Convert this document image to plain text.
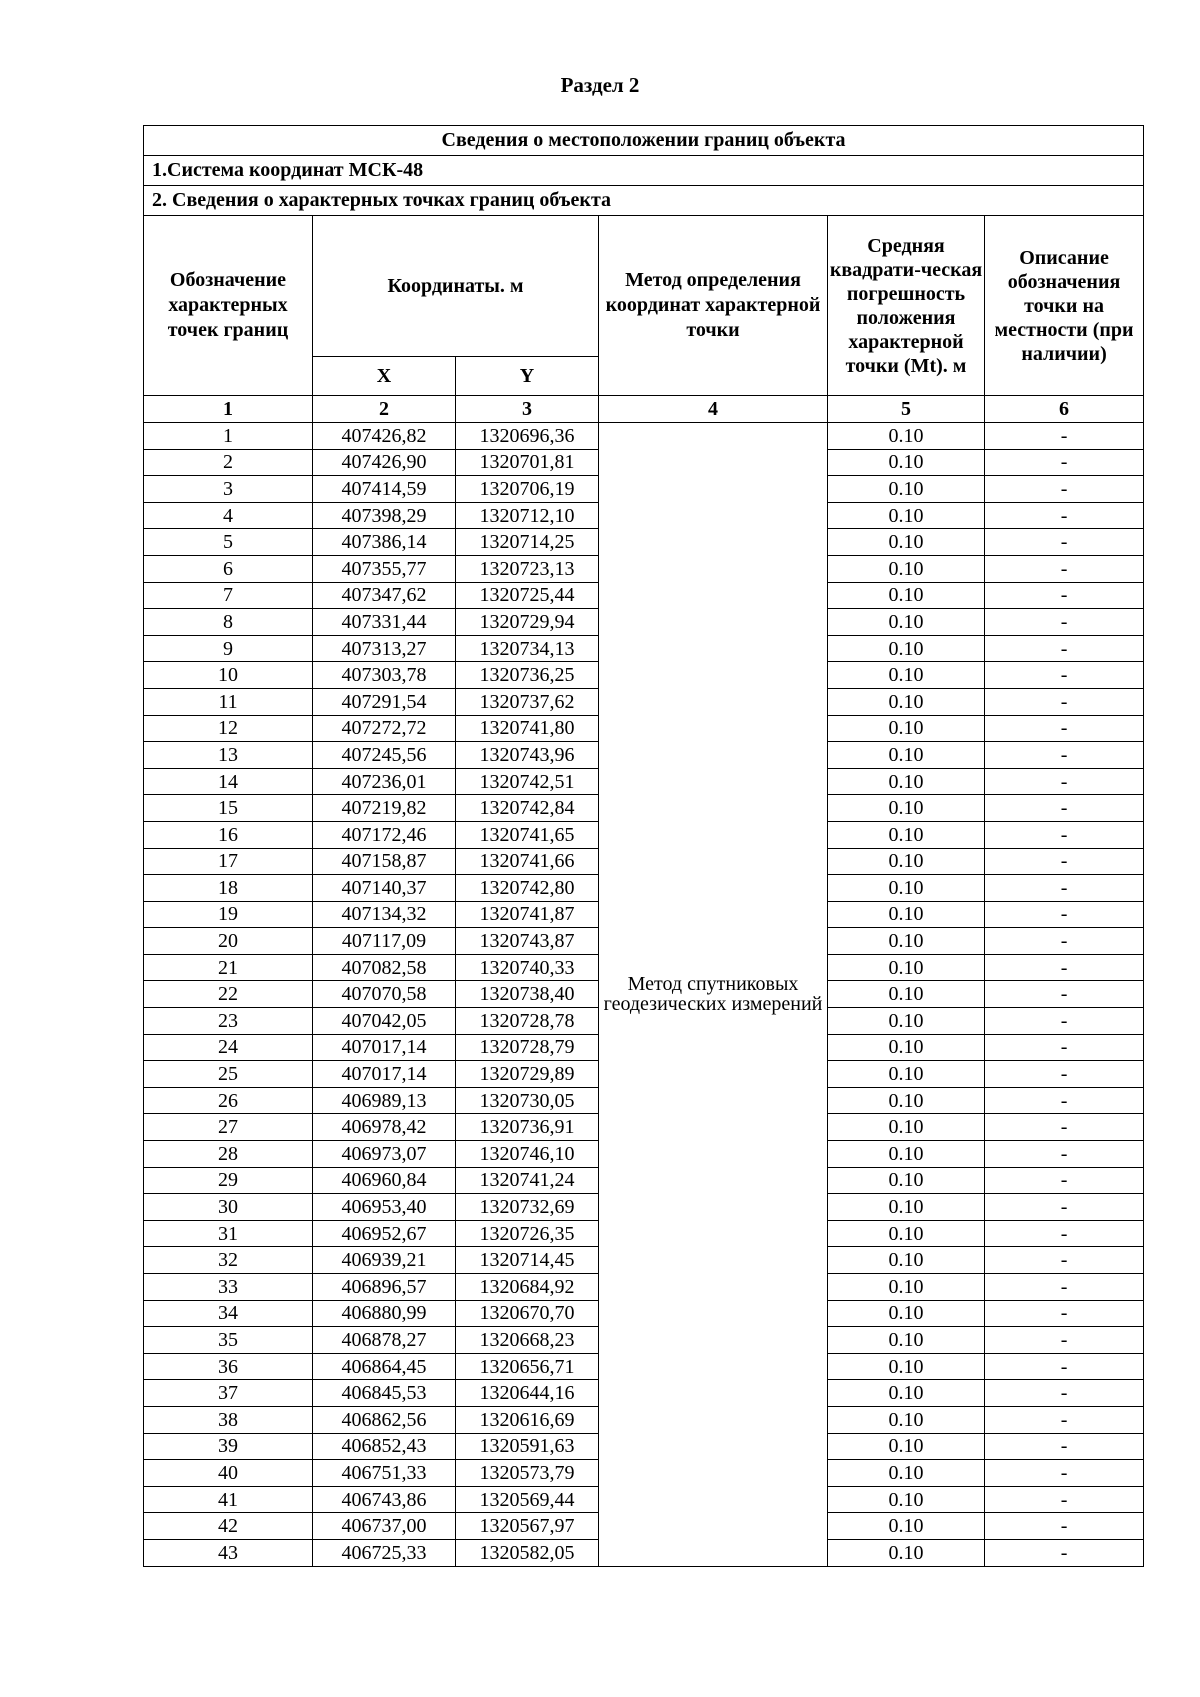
Раздел 2
Сведения о местоположении границ объекта					
1.Система координат МСК-48					
2. Сведения о характерных точках границ объекта					
Обозначение характерных точек границ	Координаты. м		Метод определения координат характерной точки	Средняя квадрати-ческая погрешность положения характерной точки (Mt). м	Описание обозначения точки на местности (при наличии)
	X	Y			
1	2	3	4	5	6
1	407426,82	1320696,36	Метод спутниковых геодезических измерений	0.10	-
2	407426,90	1320701,81		0.10	-
3	407414,59	1320706,19		0.10	-
4	407398,29	1320712,10		0.10	-
5	407386,14	1320714,25		0.10	-
6	407355,77	1320723,13		0.10	-
7	407347,62	1320725,44		0.10	-
8	407331,44	1320729,94		0.10	-
9	407313,27	1320734,13		0.10	-
10	407303,78	1320736,25		0.10	-
11	407291,54	1320737,62		0.10	-
12	407272,72	1320741,80		0.10	-
13	407245,56	1320743,96		0.10	-
14	407236,01	1320742,51		0.10	-
15	407219,82	1320742,84		0.10	-
16	407172,46	1320741,65		0.10	-
17	407158,87	1320741,66		0.10	-
18	407140,37	1320742,80		0.10	-
19	407134,32	1320741,87		0.10	-
20	407117,09	1320743,87		0.10	-
21	407082,58	1320740,33		0.10	-
22	407070,58	1320738,40		0.10	-
23	407042,05	1320728,78		0.10	-
24	407017,14	1320728,79		0.10	-
25	407017,14	1320729,89		0.10	-
26	406989,13	1320730,05		0.10	-
27	406978,42	1320736,91		0.10	-
28	406973,07	1320746,10		0.10	-
29	406960,84	1320741,24		0.10	-
30	406953,40	1320732,69		0.10	-
31	406952,67	1320726,35		0.10	-
32	406939,21	1320714,45		0.10	-
33	406896,57	1320684,92		0.10	-
34	406880,99	1320670,70		0.10	-
35	406878,27	1320668,23		0.10	-
36	406864,45	1320656,71		0.10	-
37	406845,53	1320644,16		0.10	-
38	406862,56	1320616,69		0.10	-
39	406852,43	1320591,63		0.10	-
40	406751,33	1320573,79		0.10	-
41	406743,86	1320569,44		0.10	-
42	406737,00	1320567,97		0.10	-
43	406725,33	1320582,05		0.10	-
